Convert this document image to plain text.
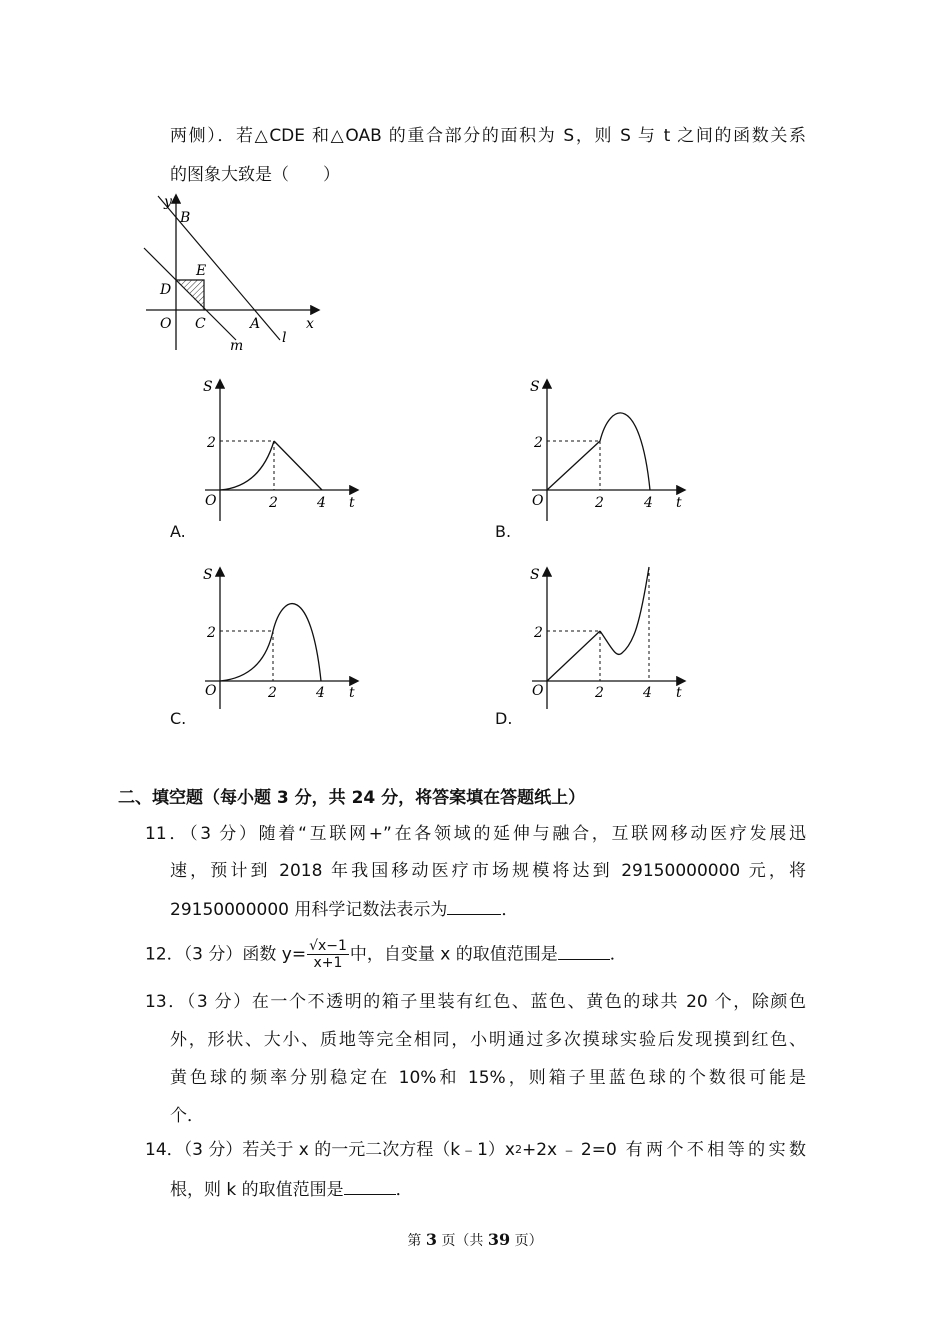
两侧）．若△CDE 和△OAB 的重合部分的面积为 S，则 S 与 t 之间的函数关系
的图象大致是（　　）
y
B
E
D
O C	A	x
m	l
S
2
O	2	4 t
A.
S
2
O	2	4 t
B.
S
2
O	2	4 t
C.
S
2
O	2	4 t
D.
二、填空题（每小题 3 分，共 24 分，将答案填在答题纸上）
11．（3 分）随着“互联网+”在各领域的延伸与融合，互联网移动医疗发展迅
速，预计到 2018 年我国移动医疗市场规模将达到 29150000000 元，将
29150000000 用科学记数法表示为	．
12．（3 分）函数 $y= \frac{√x-1}{x+1}$ 中，自变量 x 的取值范围是	．
13．（3 分）在一个不透明的箱子里装有红色、蓝色、黄色的球共 20 个，除颜色
外，形状、大小、质地等完全相同，小明通过多次摸球实验后发现摸到红色、
黄色球的频率分别稳定在 10%和 15%，则箱子里蓝色球的个数很可能是
个．
14．（3 分）若关于 x 的一元二次方程（k﹣1）x 2 +2x﹣2=0 有两个不相等的实数
根，则 k 的取值范围是	．
第 3 页（共 39 页）
